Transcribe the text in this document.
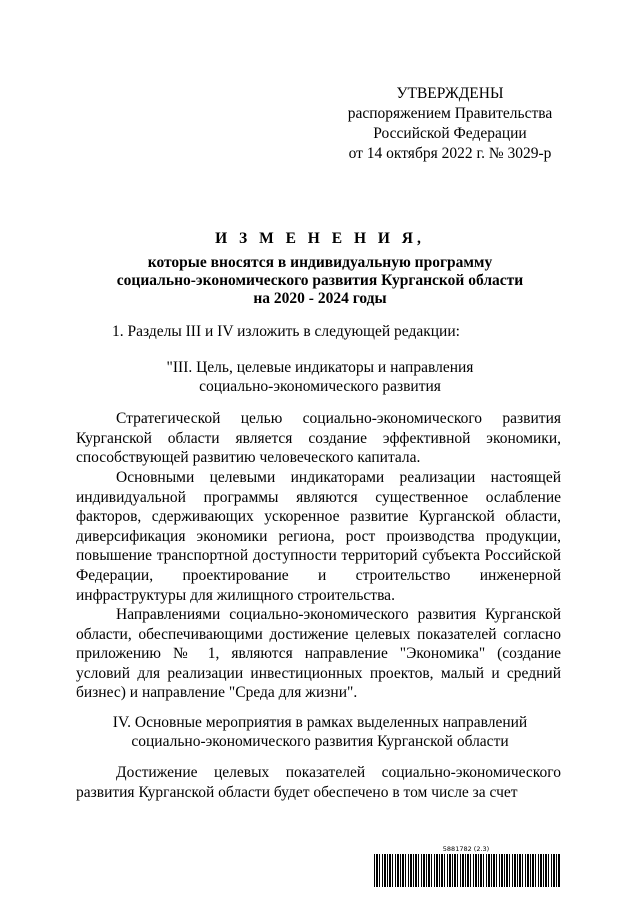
УТВЕРЖДЕНЫ
распоряжением Правительства
Российской Федерации
от 14 октября 2022 г. № 3029-р
И З М Е Н Е Н И Я,
которые вносятся в индивидуальную программу
социально-экономического развития Курганской области
на 2020 - 2024 годы
1. Разделы III и IV изложить в следующей редакции:
"III. Цель, целевые индикаторы и направления
социально-экономического развития

Стратегической целью социально-экономического развития Курганской области является создание эффективной экономики, способствующей развитию человеческого капитала.

Основными целевыми индикаторами реализации настоящей индивидуальной программы являются существенное ослабление факторов, сдерживающих ускоренное развитие Курганской области, диверсификация экономики региона, рост производства продукции, повышение транспортной доступности территорий субъекта Российской Федерации, проектирование и строительство инженерной инфраструктуры для жилищного строительства.

Направлениями социально-экономического развития Курганской области, обеспечивающими достижение целевых показателей согласно приложению № 1, являются направление "Экономика" (создание условий для реализации инвестиционных проектов, малый и средний бизнес) и направление "Среда для жизни".

IV. Основные мероприятия в рамках выделенных направлений
социально-экономического развития Курганской области

Достижение целевых показателей социально-экономического развития Курганской области будет обеспечено в том числе за счет

5881782 (2.3)
